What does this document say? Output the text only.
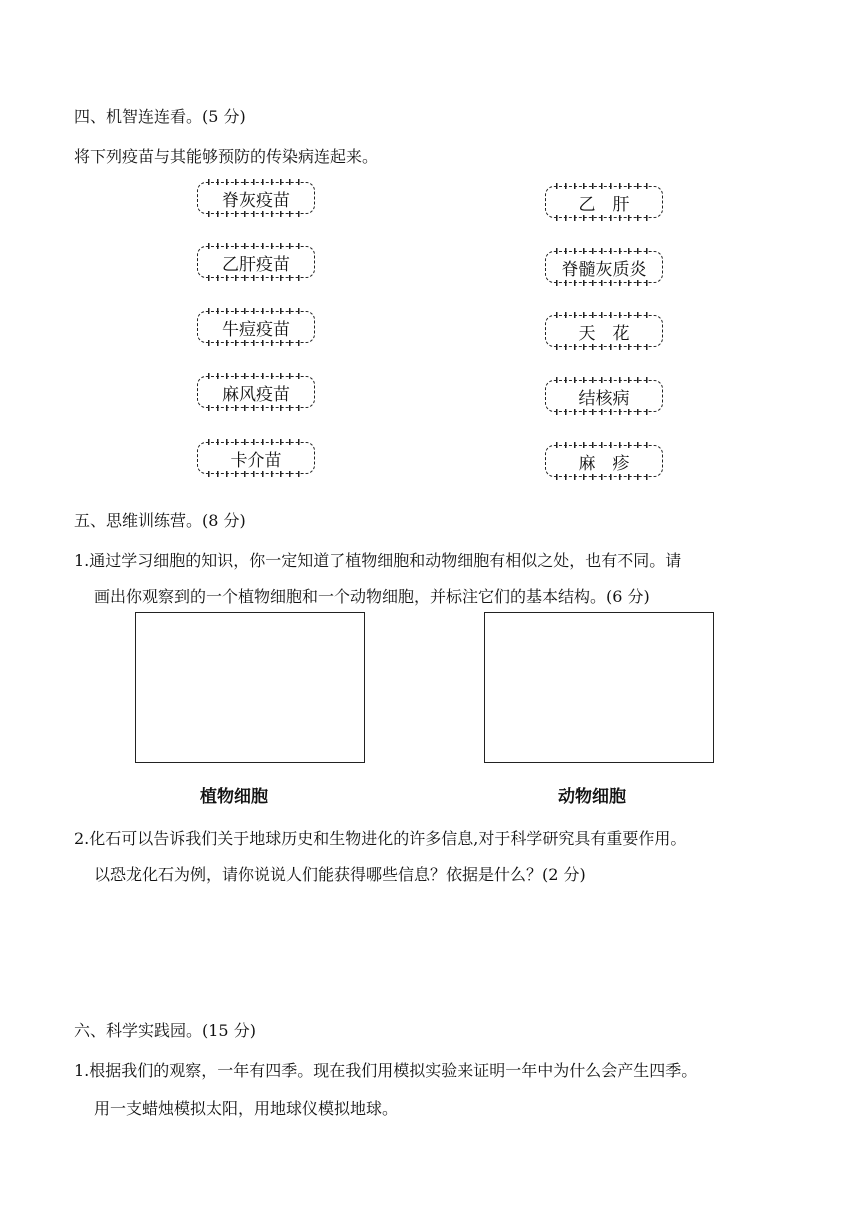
四、机智连连看。(5 分)
将下列疫苗与其能够预防的传染病连起来。
脊灰疫苗
乙肝疫苗
牛痘疫苗
麻风疫苗
卡介苗
乙　肝
脊髓灰质炎
天　花
结核病
麻　疹
五、思维训练营。(8 分)
1.通过学习细胞的知识，你一定知道了植物细胞和动物细胞有相似之处，也有不同。请
画出你观察到的一个植物细胞和一个动物细胞，并标注它们的基本结构。(6 分)
植物细胞	动物细胞
2.化石可以告诉我们关于地球历史和生物进化的许多信息,对于科学研究具有重要作用。
以恐龙化石为例，请你说说人们能获得哪些信息？依据是什么？(2 分)
六、科学实践园。(15 分)
1.根据我们的观察，一年有四季。现在我们用模拟实验来证明一年中为什么会产生四季。
用一支蜡烛模拟太阳，用地球仪模拟地球。
